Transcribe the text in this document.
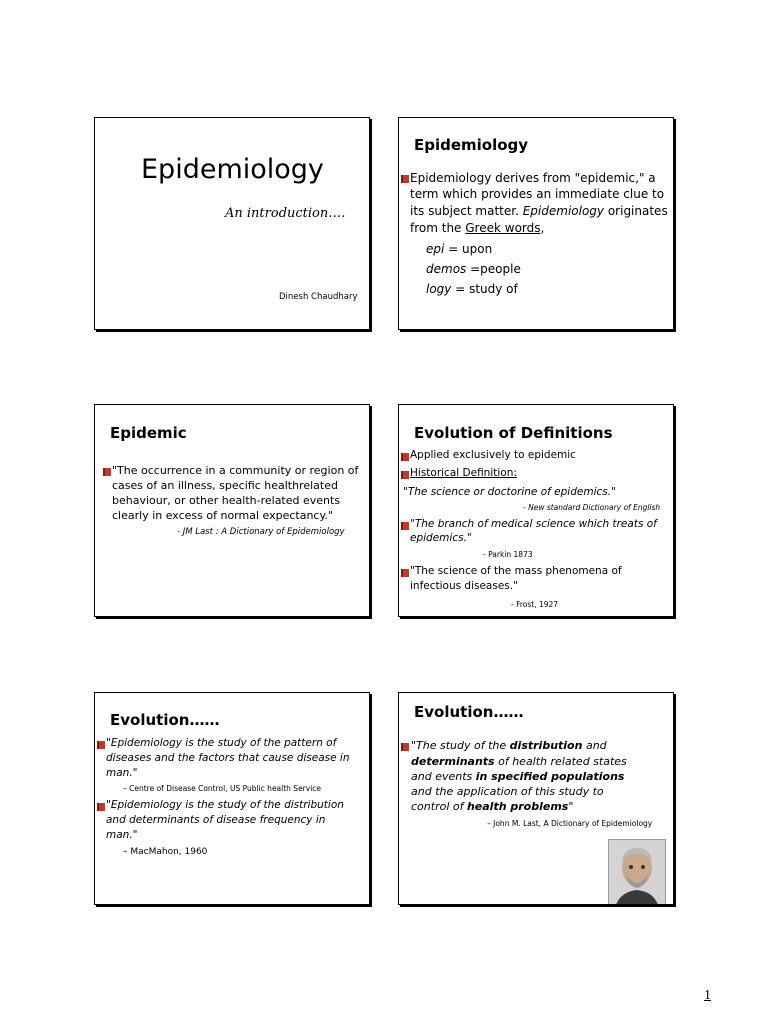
Epidemiology
An introduction….
Dinesh Chaudhary
Epidemiology
Epidemiology derives from "epidemic," a
term which provides an immediate clue to
its subject matter. Epidemiology originates
from the Greek words,
epi = upon
demos =people
logy = study of
Epidemic
"The occurrence in a community or region of
cases of an illness, specific healthrelated
behaviour, or other health-related events
clearly in excess of normal expectancy."
- JM Last : A Dictionary of Epidemiology
Evolution of Definitions
Applied exclusively to epidemic
Historical Definition:
"The science or doctorine of epidemics."
- New standard Dictionary of English
"The branch of medical science which treats of
epidemics."
- Parkin 1873
"The science of the mass phenomena of
infectious diseases."
- Frost, 1927
Evolution……
"Epidemiology is the study of the pattern of
diseases and the factors that cause disease in
man."
– Centre of Disease Control, US Public health Service
"Epidemiology is the study of the distribution
and determinants of disease frequency in
man."
– MacMahon, 1960
Evolution……
"The study of the distribution and
determinants of health related states
and events in specified populations
and the application of this study to
control of health problems"
– John M. Last, A Dictionary of Epidemiology
1
